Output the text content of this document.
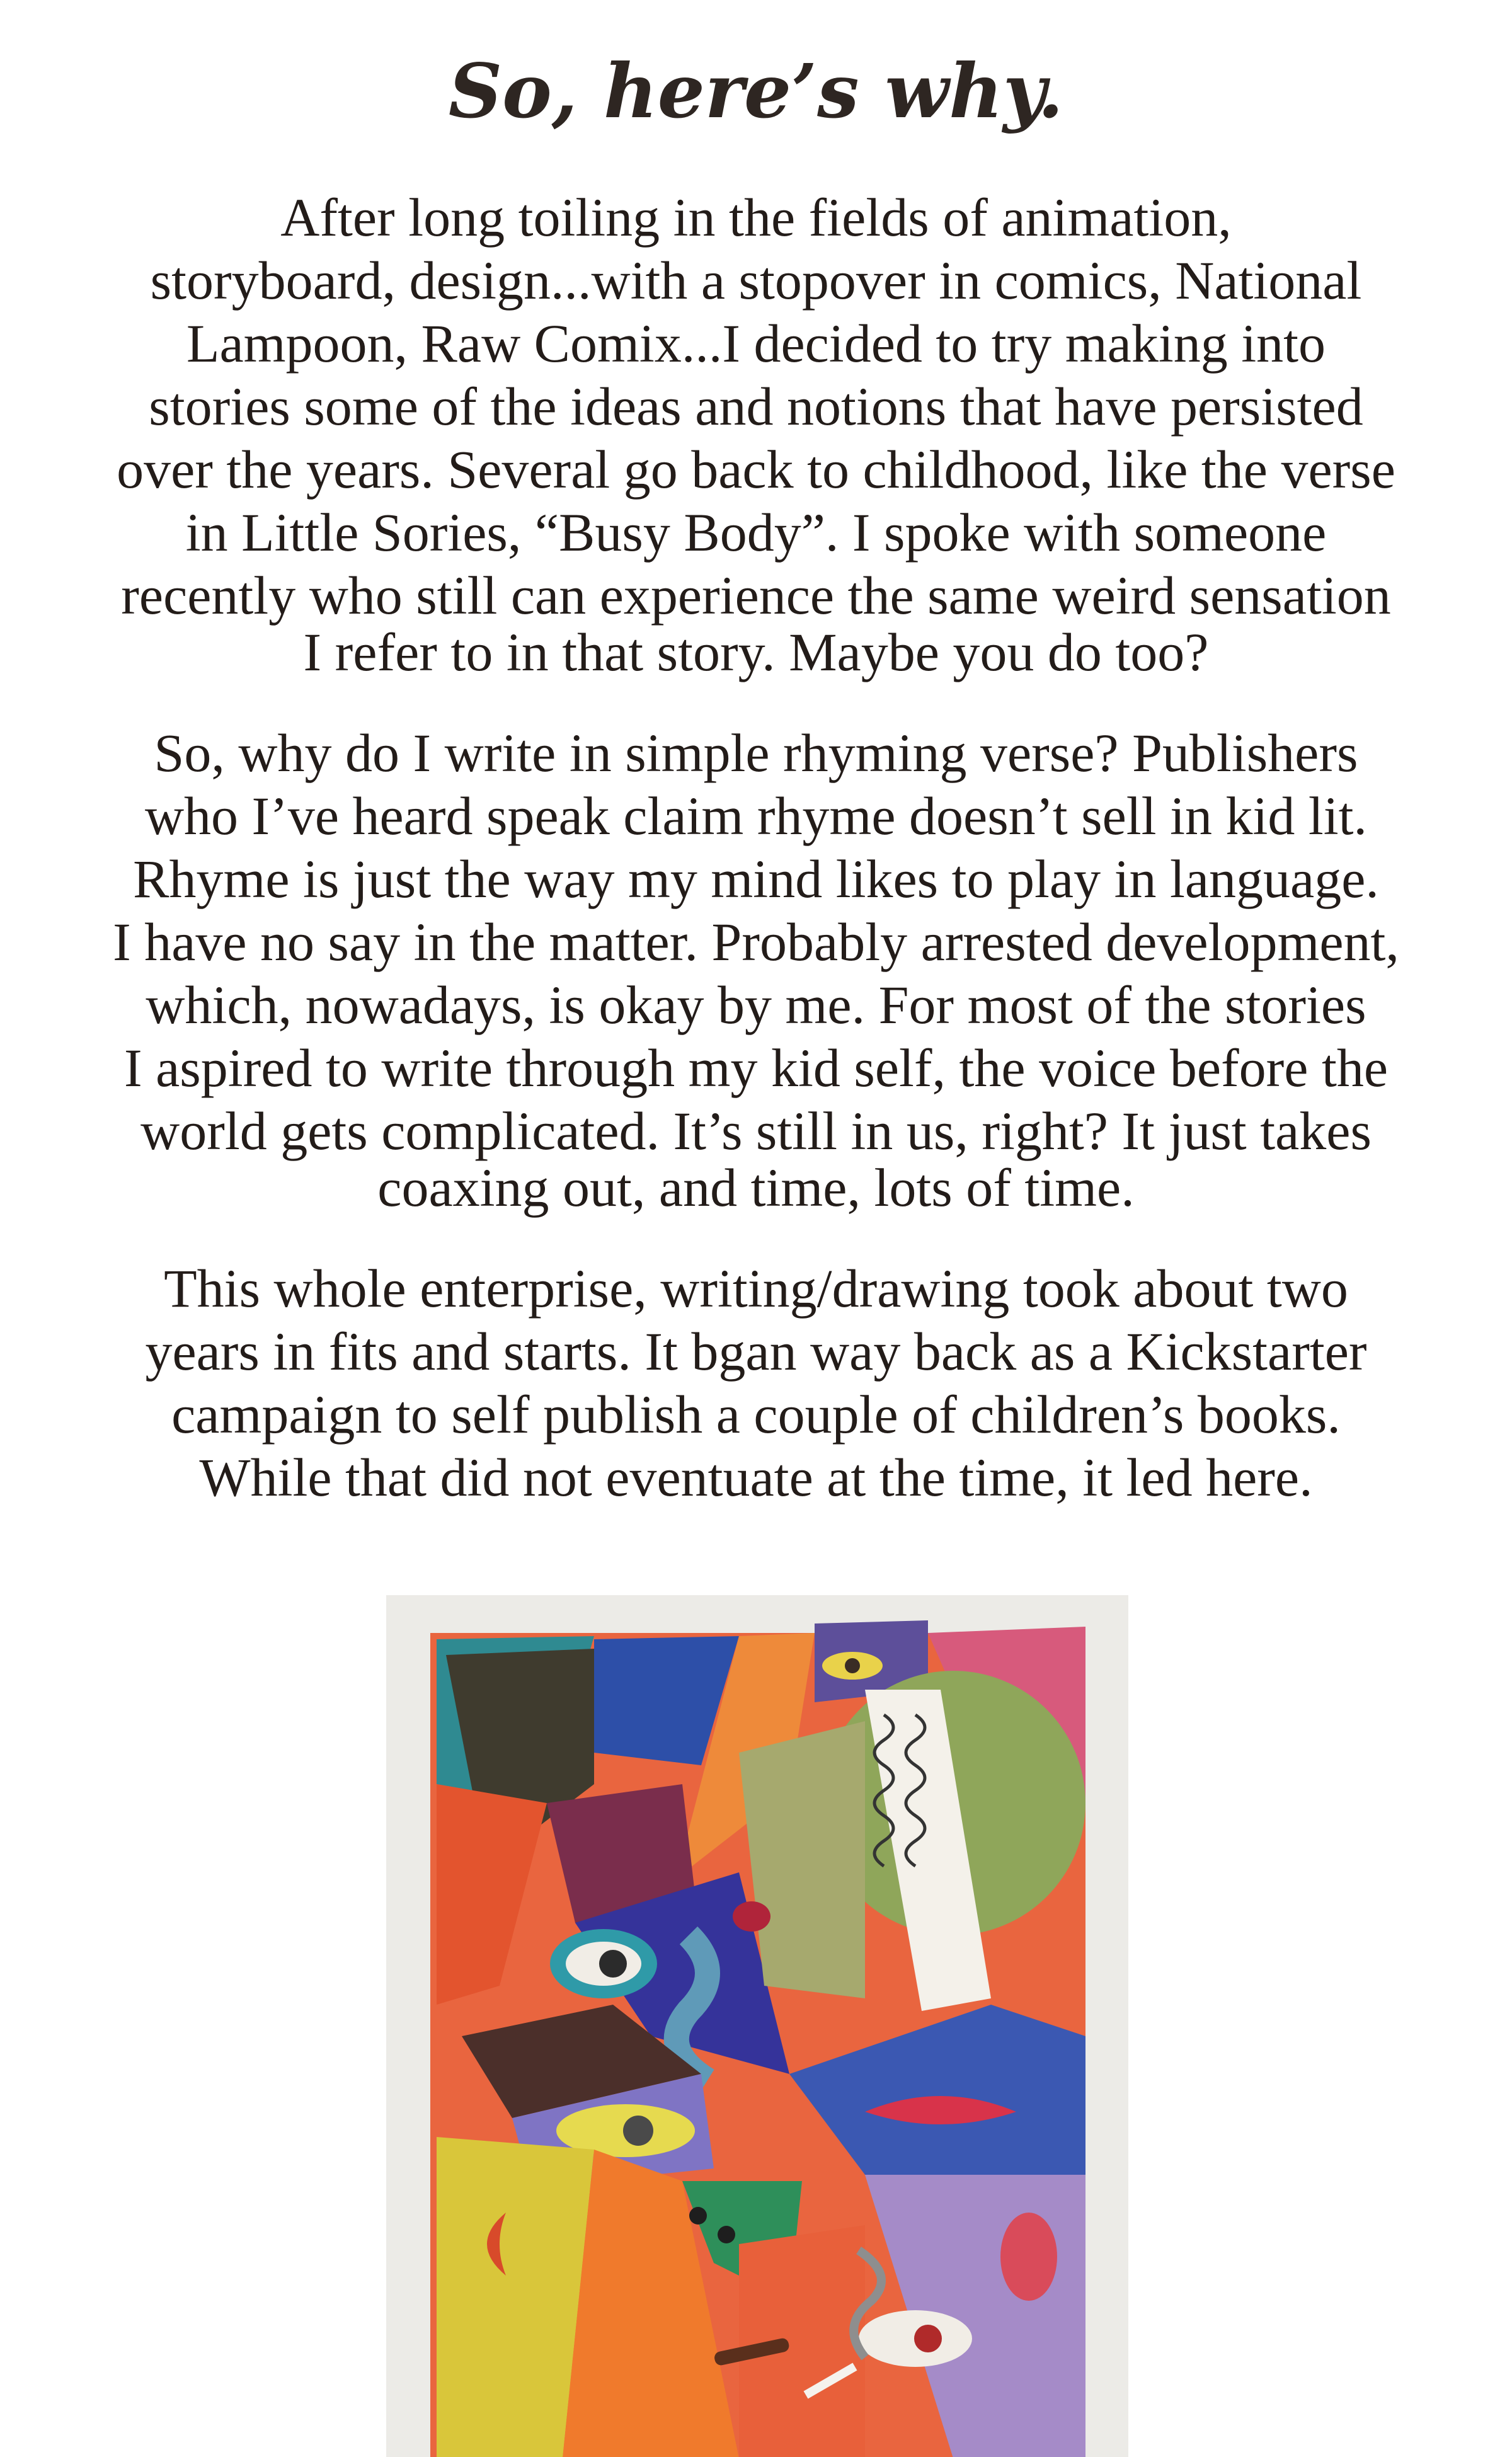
So, here’s why.
After long toiling in the fields of animation,
storyboard, design...with a stopover in comics, National
Lampoon, Raw Comix...I decided to try making into
stories some of the ideas and notions that have persisted
over the years. Several go back to childhood, like the verse
in Little Sories, “Busy Body”. I spoke with someone
recently who still can experience the same weird sensation
I refer to in that story. Maybe you do too?
So, why do I write in simple rhyming verse? Publishers
who I’ve heard speak claim rhyme doesn’t sell in kid lit.
Rhyme is just the way my mind likes to play in language.
I have no say in the matter. Probably arrested development,
which, nowadays, is okay by me. For most of the stories
I aspired to write through my kid self, the voice before the
world gets complicated. It’s still in us, right? It just takes
coaxing out, and time, lots of time.
This whole enterprise, writing/drawing took about two
years in fits and starts. It bgan way back as a Kickstarter
campaign to self publish a couple of children’s books.
While that did not eventuate at the time, it led here.
